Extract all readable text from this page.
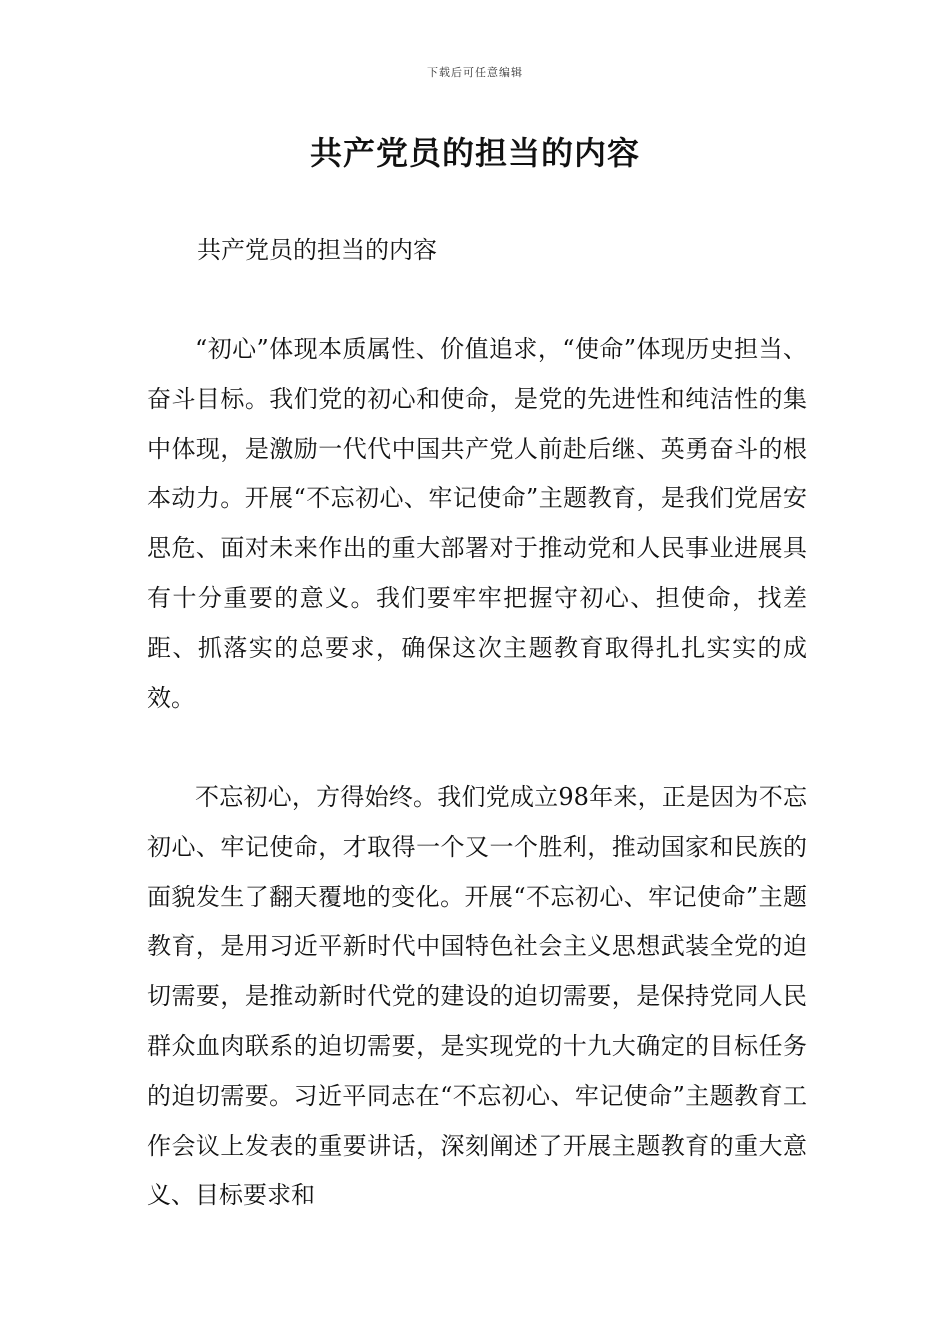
下载后可任意编辑
共产党员的担当的内容

共产党员的担当的内容

“初心”体现本质属性、价值追求，“使命”体现历史担当、奋斗目标。我们党的初心和使命，是党的先进性和纯洁性的集中体现，是激励一代代中国共产党人前赴后继、英勇奋斗的根本动力。开展“不忘初心、牢记使命”主题教育，是我们党居安思危、面对未来作出的重大部署对于推动党和人民事业进展具有十分重要的意义。我们要牢牢把握守初心、担使命，找差距、抓落实的总要求，确保这次主题教育取得扎扎实实的成效。

不忘初心，方得始终。我们党成立98年来，正是因为不忘初心、牢记使命，才取得一个又一个胜利，推动国家和民族的面貌发生了翻天覆地的变化。开展“不忘初心、牢记使命”主题教育，是用习近平新时代中国特色社会主义思想武装全党的迫切需要，是推动新时代党的建设的迫切需要，是保持党同人民群众血肉联系的迫切需要，是实现党的十九大确定的目标任务的迫切需要。习近平同志在“不忘初心、牢记使命”主题教育工作会议上发表的重要讲话，深刻阐述了开展主题教育的重大意义、目标要求和
